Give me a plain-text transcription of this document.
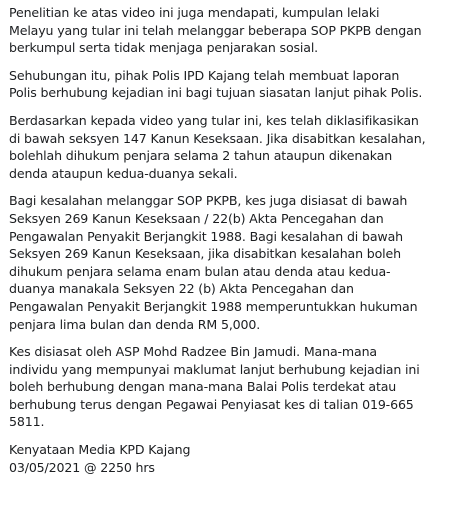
Penelitian ke atas video ini juga mendapati, kumpulan lelaki
Melayu yang tular ini telah melanggar beberapa SOP PKPB dengan
berkumpul serta tidak menjaga penjarakan sosial.

Sehubungan itu, pihak Polis IPD Kajang telah membuat laporan
Polis berhubung kejadian ini bagi tujuan siasatan lanjut pihak Polis.

Berdasarkan kepada video yang tular ini, kes telah diklasifikasikan
di bawah seksyen 147 Kanun Keseksaan. Jika disabitkan kesalahan,
bolehlah dihukum penjara selama 2 tahun ataupun dikenakan
denda ataupun kedua-duanya sekali.

Bagi kesalahan melanggar SOP PKPB, kes juga disiasat di bawah
Seksyen 269 Kanun Keseksaan / 22(b) Akta Pencegahan dan
Pengawalan Penyakit Berjangkit 1988. Bagi kesalahan di bawah
Seksyen 269 Kanun Keseksaan, jika disabitkan kesalahan boleh
dihukum penjara selama enam bulan atau denda atau kedua-
duanya manakala Seksyen 22 (b) Akta Pencegahan dan
Pengawalan Penyakit Berjangkit 1988 memperuntukkan hukuman
penjara lima bulan dan denda RM 5,000.

Kes disiasat oleh ASP Mohd Radzee Bin Jamudi. Mana-mana
individu yang mempunyai maklumat lanjut berhubung kejadian ini
boleh berhubung dengan mana-mana Balai Polis terdekat atau
berhubung terus dengan Pegawai Penyiasat kes di talian 019-665
5811.

Kenyataan Media KPD Kajang
03/05/2021 @ 2250 hrs
